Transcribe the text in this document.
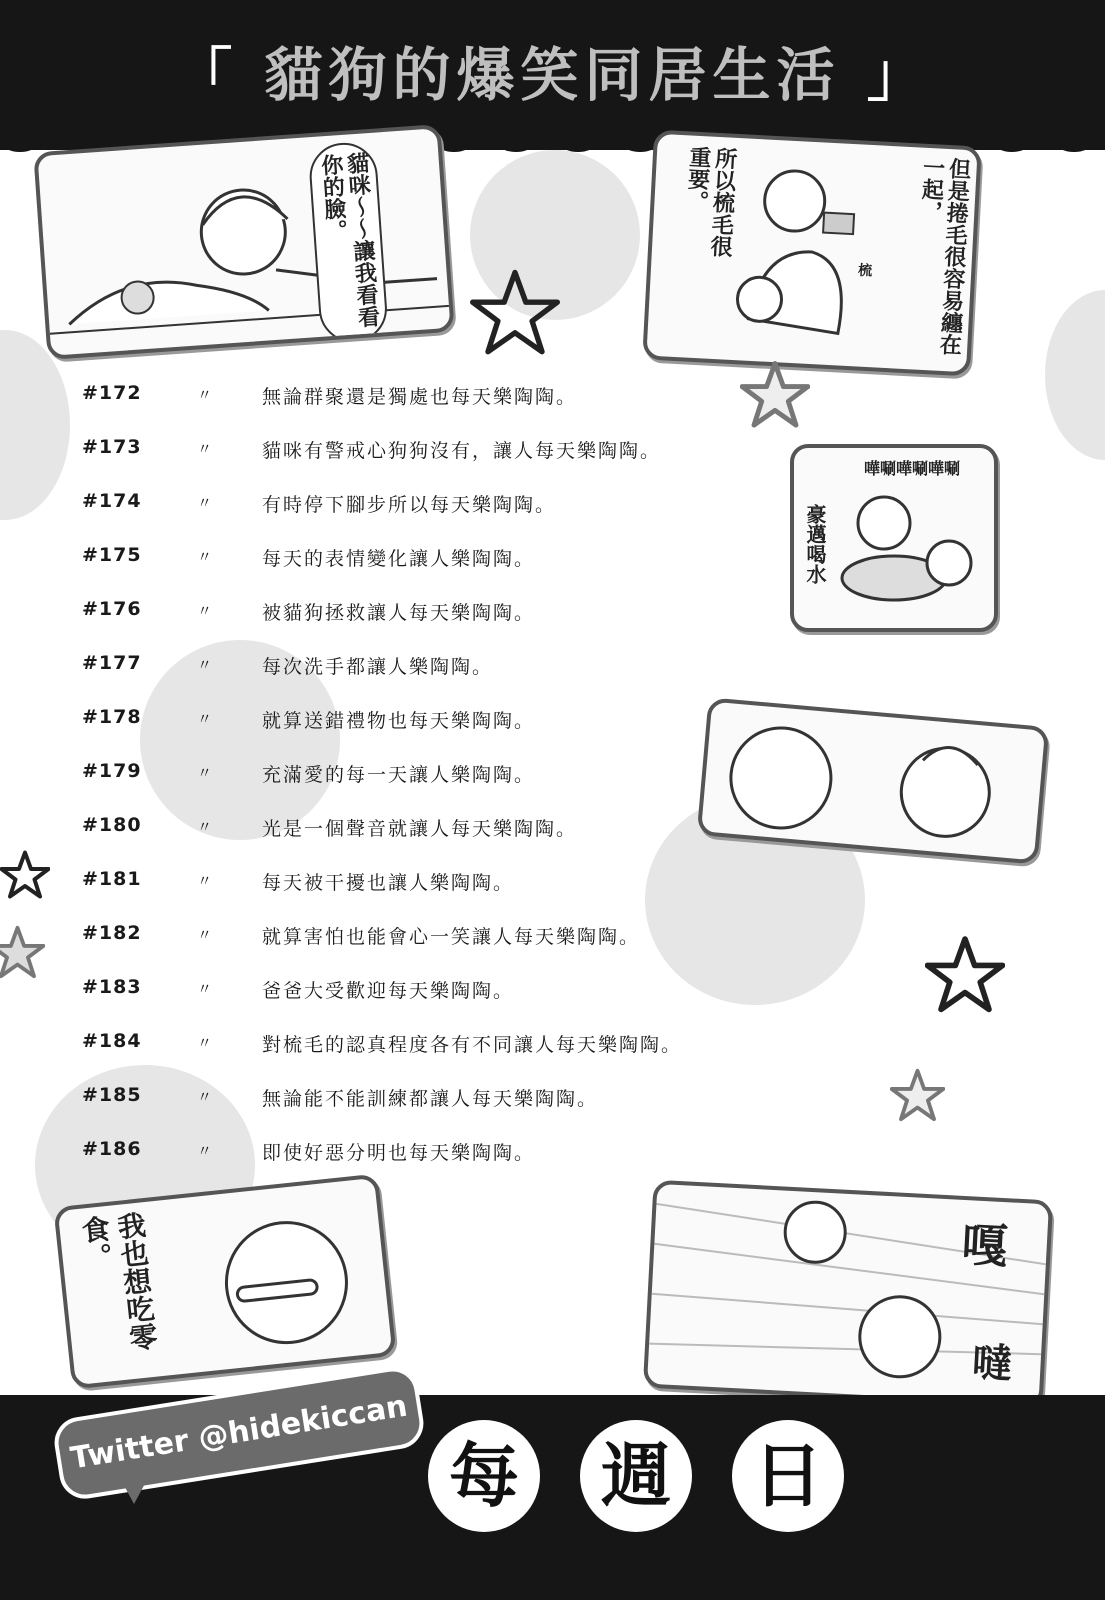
「 貓狗的爆笑同居生活 」
貓咪～～讓我看看你的臉。	但是捲毛很容易纏在一起，
所以梳毛很重要。
梳
嘩唰嘩唰嘩唰
豪邁喝水
#172	〃	無論群聚還是獨處也每天樂陶陶。
#173	〃	貓咪有警戒心狗狗沒有，讓人每天樂陶陶。
#174	〃	有時停下腳步所以每天樂陶陶。
#175	〃	每天的表情變化讓人樂陶陶。
#176	〃	被貓狗拯救讓人每天樂陶陶。
#177	〃	每次洗手都讓人樂陶陶。
#178	〃	就算送錯禮物也每天樂陶陶。
#179	〃	充滿愛的每一天讓人樂陶陶。
#180	〃	光是一個聲音就讓人每天樂陶陶。
#181	〃	每天被干擾也讓人樂陶陶。
#182	〃	就算害怕也能會心一笑讓人每天樂陶陶。
#183	〃	爸爸大受歡迎每天樂陶陶。
#184	〃	對梳毛的認真程度各有不同讓人每天樂陶陶。
#185	〃	無論能不能訓練都讓人每天樂陶陶。
#186	〃	即使好惡分明也每天樂陶陶。
我也想吃零食。	嘎
噠
Twitter @hidekiccan 每	週	日
